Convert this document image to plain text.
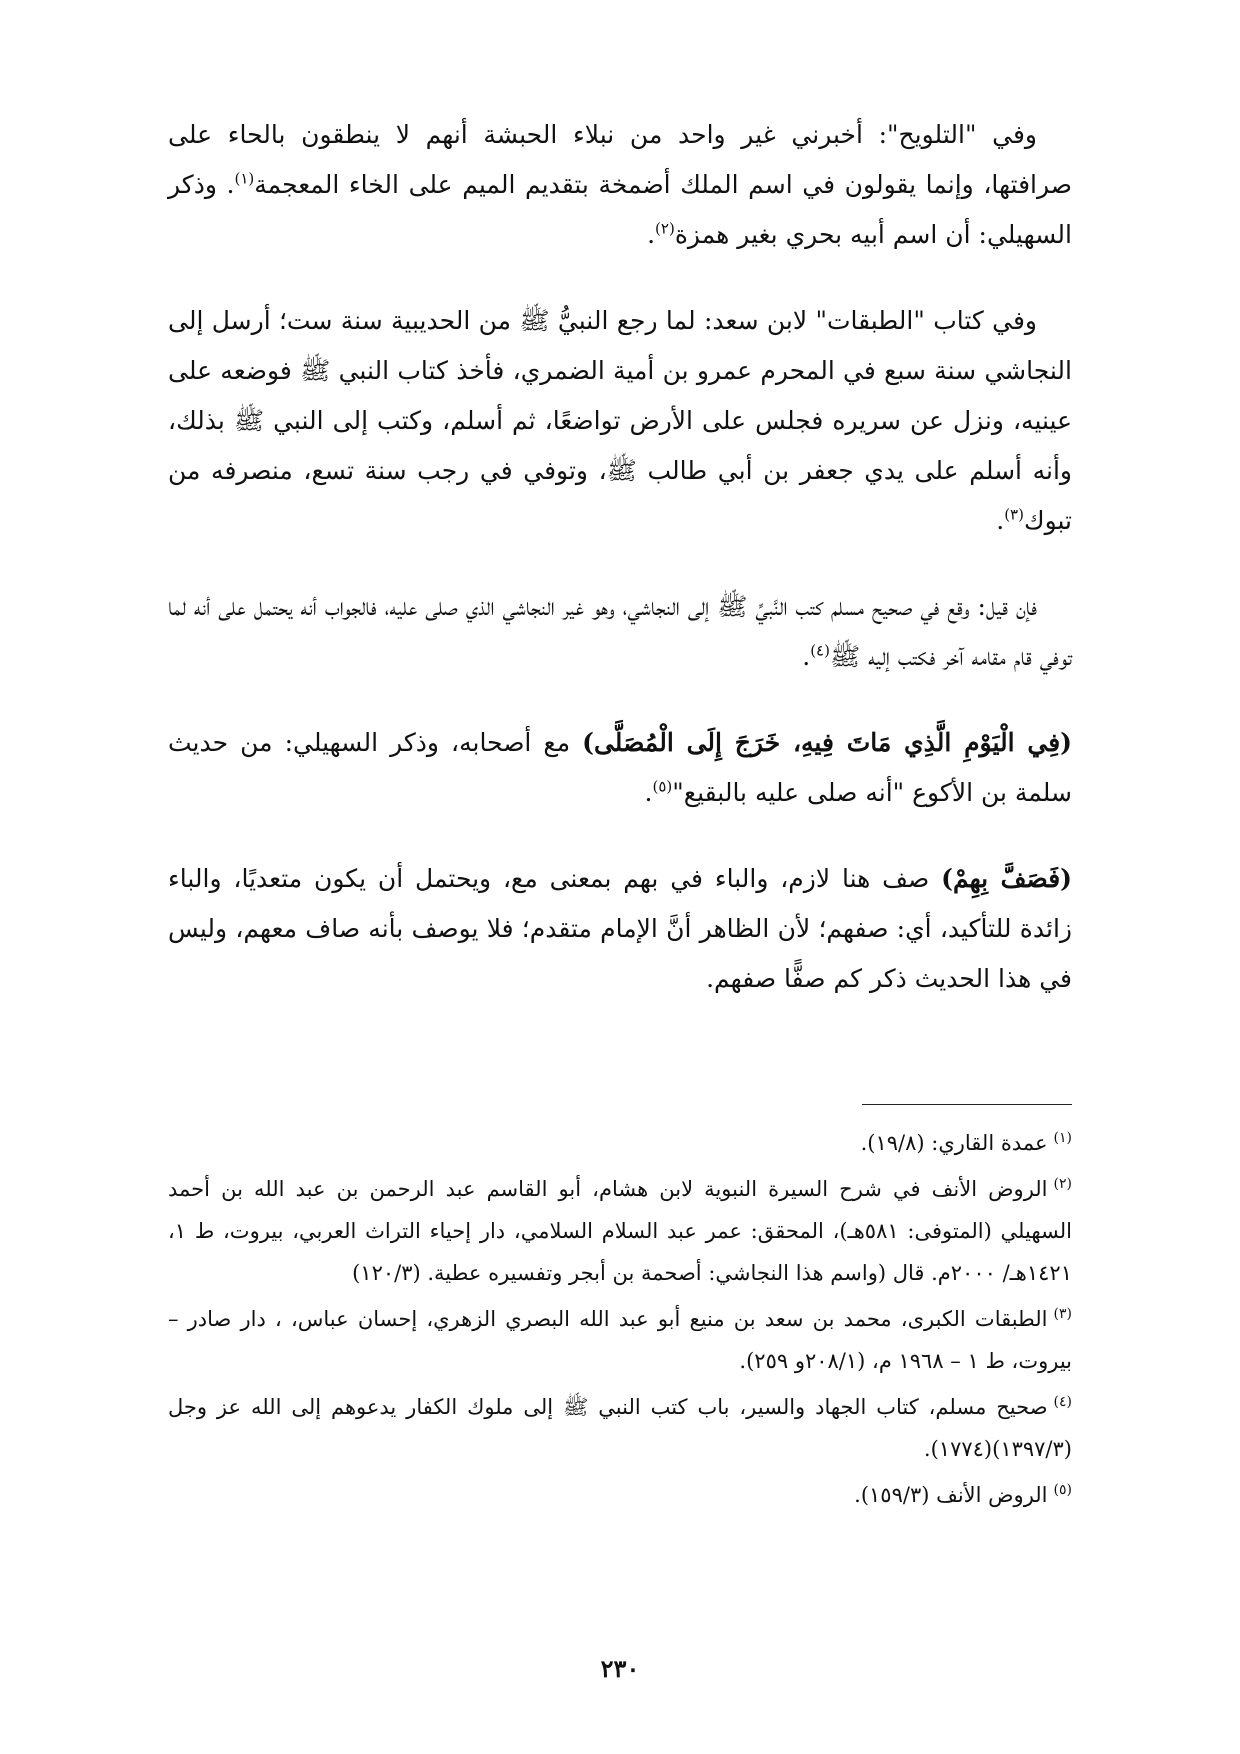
وفي "التلويح": أخبرني غير واحد من نبلاء الحبشة أنهم لا ينطقون بالحاء على صرافتها، وإنما يقولون في اسم الملك أضمخة بتقديم الميم على الخاء المعجمة$^{(١)}$. وذكر السهيلي: أن اسم أبيه بحري بغير همزة$^{(٢)}$.

وفي كتاب "الطبقات" لابن سعد: لما رجع النبيُّ ﷺ من الحديبية سنة ست؛ أرسل إلى النجاشي سنة سبع في المحرم عمرو بن أمية الضمري، فأخذ كتاب النبي ﷺ فوضعه على عينيه، ونزل عن سريره فجلس على الأرض تواضعًا، ثم أسلم، وكتب إلى النبي ﷺ بذلك، وأنه أسلم على يدي جعفر بن أبي طالب ﷺ، وتوفي في رجب سنة تسع، منصرفه من تبوك$^{(٣)}$.

فإن قيل: وقع في صحيح مسلم كتب النَّبيِّ ﷺ إلى النجاشي، وهو غير النجاشي الذي صلى عليه، فالجواب أنه يحتمل على أنه لما توفي قام مقامه آخر فكتب إليه ﷺ$^{(٤)}$.

(فِي الْيَوْمِ الَّذِي مَاتَ فِيهِ، خَرَجَ إِلَى الْمُصَلَّى) مع أصحابه، وذكر السهيلي: من حديث سلمة بن الأكوع "أنه صلى عليه بالبقيع"$^{(٥)}$.

(فَصَفَّ بِهِمْ) صف هنا لازم، والباء في بهم بمعنى مع، ويحتمل أن يكون متعديًا، والباء زائدة للتأكيد، أي: صفهم؛ لأن الظاهر أنَّ الإمام متقدم؛ فلا يوصف بأنه صاف معهم، وليس في هذا الحديث ذكر كم صفًّا صفهم.

$^{(١)}$عمدة القاري: (١٩/٨).

$^{(٢)}$الروض الأنف في شرح السيرة النبوية لابن هشام، أبو القاسم عبد الرحمن بن عبد الله بن أحمد السهيلي (المتوفى: ٥٨١هـ)، المحقق: عمر عبد السلام السلامي، دار إحياء التراث العربي، بيروت، ط ١، ١٤٢١هـ/ ٢٠٠٠م. قال (واسم هذا النجاشي: أصحمة بن أبجر وتفسيره عطية. (١٢٠/٣)

$^{(٣)}$الطبقات الكبرى، محمد بن سعد بن منيع أبو عبد الله البصري الزهري، إحسان عباس، ، دار صادر – بيروت، ط ١ – ١٩٦٨ م، (٢٠٨/١و ٢٥٩).

$^{(٤)}$صحيح مسلم، كتاب الجهاد والسير، باب كتب النبي ﷺ إلى ملوك الكفار يدعوهم إلى الله عز وجل (١٣٩٧/٣)(١٧٧٤).

$^{(٥)}$الروض الأنف (١٥٩/٣).

٢٣٠
